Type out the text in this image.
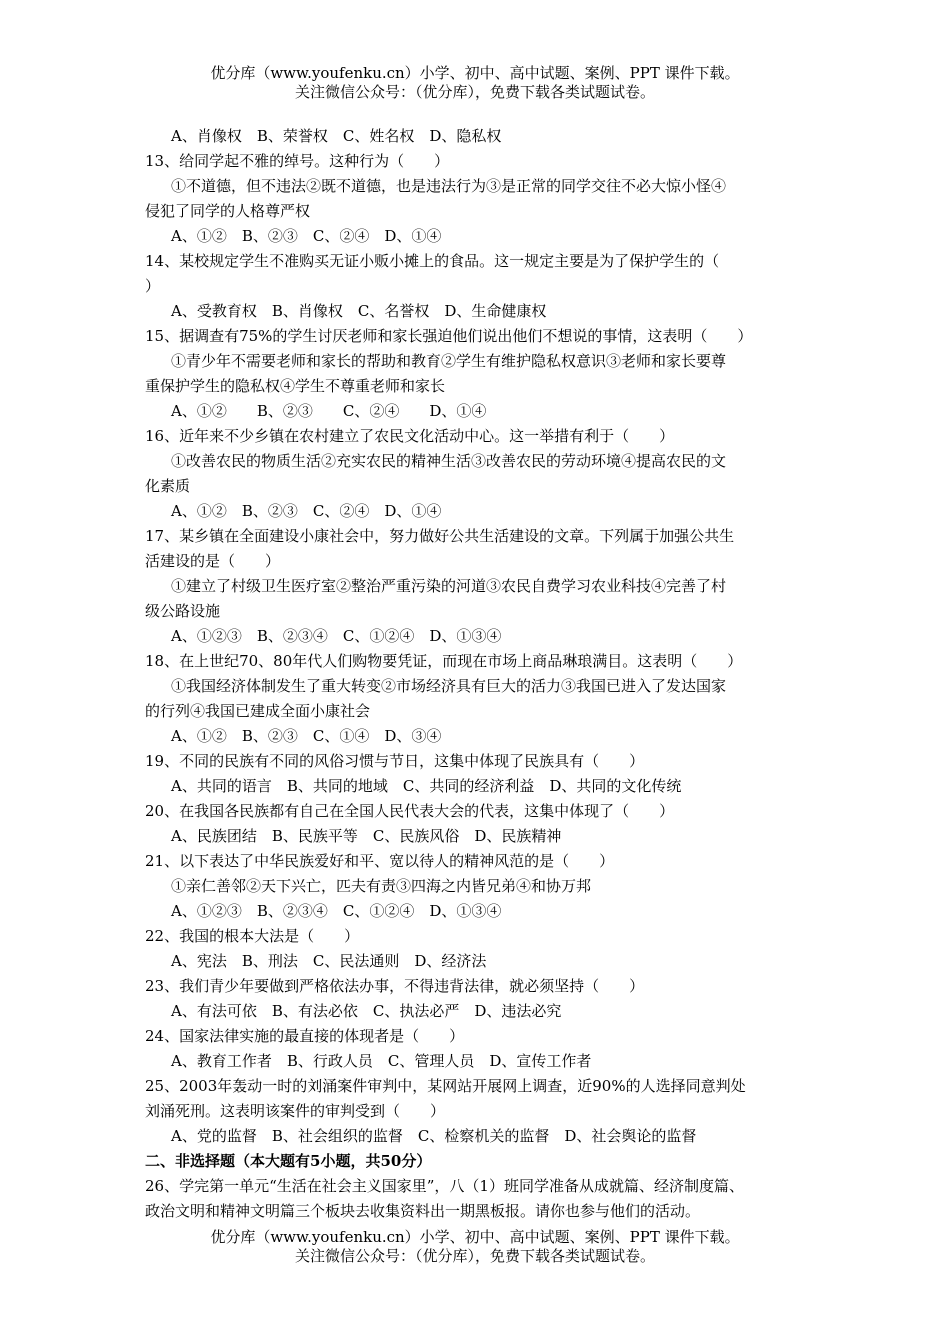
优分库（www.youfenku.cn）小学、初中、高中试题、案例、PPT 课件下载。
关注微信公众号：（优分库），免费下载各类试题试卷。
A、肖像权　B、荣誉权　C、姓名权　D、隐私权
13、给同学起不雅的绰号。这种行为（　　）
①不道德，但不违法②既不道德，也是违法行为③是正常的同学交往不必大惊小怪④
侵犯了同学的人格尊严权
A、①②　B、②③　C、②④　D、①④
14、某校规定学生不准购买无证小贩小摊上的食品。这一规定主要是为了保护学生的（
）
A、受教育权　B、肖像权　C、名誉权　D、生命健康权
15、据调查有75%的学生讨厌老师和家长强迫他们说出他们不想说的事情，这表明（　　）
①青少年不需要老师和家长的帮助和教育②学生有维护隐私权意识③老师和家长要尊
重保护学生的隐私权④学生不尊重老师和家长
A、①②　　B、②③　　C、②④　　D、①④
16、近年来不少乡镇在农村建立了农民文化活动中心。这一举措有利于（　　）
①改善农民的物质生活②充实农民的精神生活③改善农民的劳动环境④提高农民的文
化素质
A、①②　B、②③　C、②④　D、①④
17、某乡镇在全面建设小康社会中，努力做好公共生活建设的文章。下列属于加强公共生
活建设的是（　　）
①建立了村级卫生医疗室②整治严重污染的河道③农民自费学习农业科技④完善了村
级公路设施
A、①②③　B、②③④　C、①②④　D、①③④
18、在上世纪70、80年代人们购物要凭证，而现在市场上商品琳琅满目。这表明（　　）
①我国经济体制发生了重大转变②市场经济具有巨大的活力③我国已进入了发达国家
的行列④我国已建成全面小康社会
A、①②　B、②③　C、①④　D、③④
19、不同的民族有不同的风俗习惯与节日，这集中体现了民族具有（　　）
A、共同的语言　B、共同的地域　C、共同的经济利益　D、共同的文化传统
20、在我国各民族都有自己在全国人民代表大会的代表，这集中体现了（　　）
A、民族团结　B、民族平等　C、民族风俗　D、民族精神
21、以下表达了中华民族爱好和平、宽以待人的精神风范的是（　　）
①亲仁善邻②天下兴亡，匹夫有责③四海之内皆兄弟④和协万邦
A、①②③　B、②③④　C、①②④　D、①③④
22、我国的根本大法是（　　）
A、宪法　B、刑法　C、民法通则　D、经济法
23、我们青少年要做到严格依法办事，不得违背法律，就必须坚持（　　）
A、有法可依　B、有法必依　C、执法必严　D、违法必究
24、国家法律实施的最直接的体现者是（　　）
A、教育工作者　B、行政人员　C、管理人员　D、宣传工作者
25、2003年轰动一时的刘涌案件审判中，某网站开展网上调查，近90%的人选择同意判处
刘涌死刑。这表明该案件的审判受到（　　）
A、党的监督　B、社会组织的监督　C、检察机关的监督　D、社会舆论的监督
二、非选择题（本大题有5小题，共50分）
26、学完第一单元“生活在社会主义国家里”，八（1）班同学准备从成就篇、经济制度篇、
政治文明和精神文明篇三个板块去收集资料出一期黑板报。请你也参与他们的活动。
优分库（www.youfenku.cn）小学、初中、高中试题、案例、PPT 课件下载。
关注微信公众号：（优分库），免费下载各类试题试卷。
